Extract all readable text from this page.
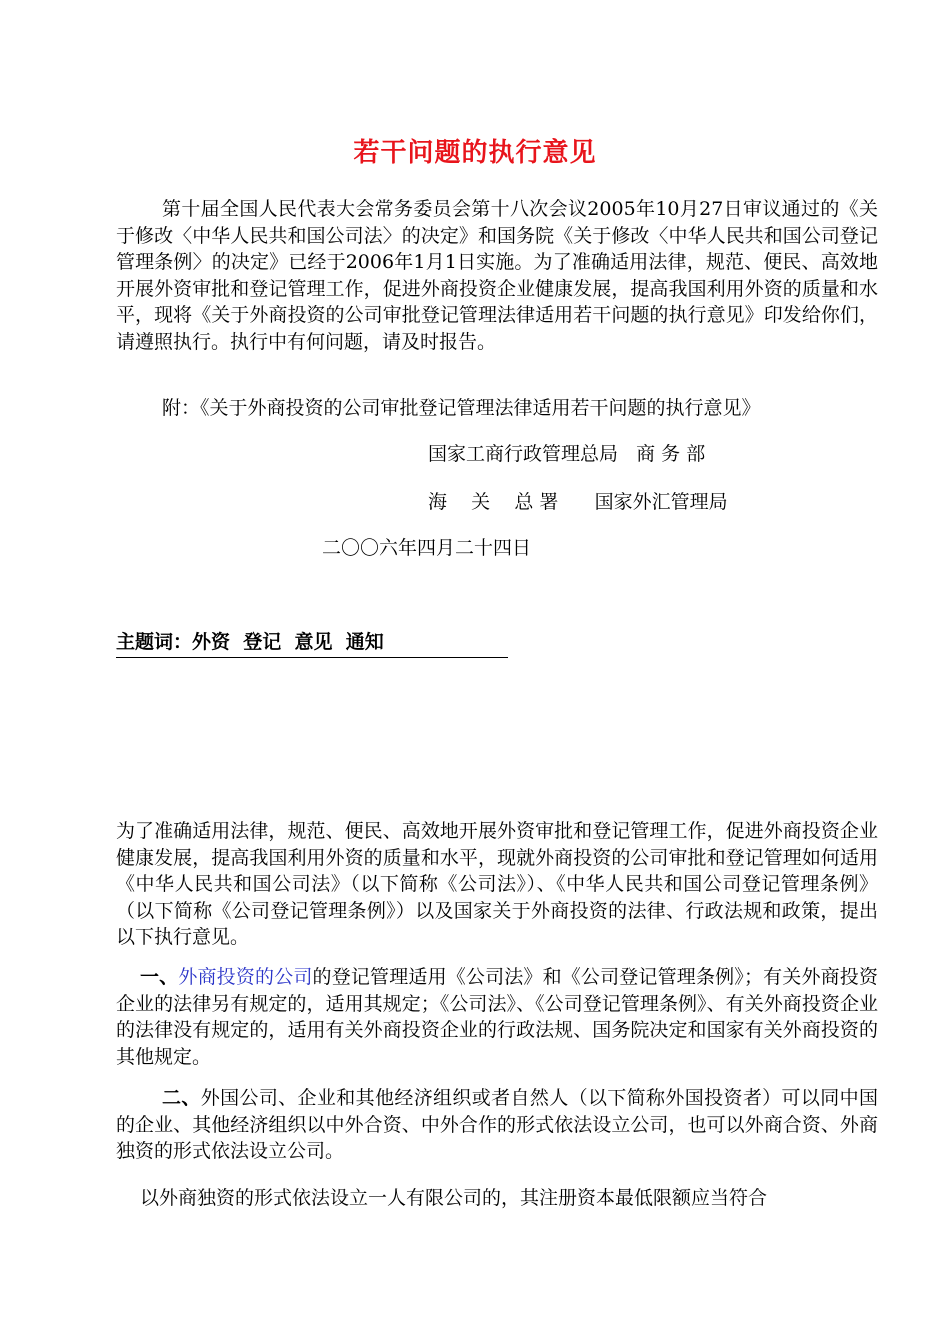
若干问题的执行意见
第十届全国人民代表大会常务委员会第十八次会议2005年10月27日审议通过的《关于修改〈中华人民共和国公司法〉的决定》和国务院《关于修改〈中华人民共和国公司登记管理条例〉的决定》已经于2006年1月1日实施。为了准确适用法律，规范、便民、高效地开展外资审批和登记管理工作，促进外商投资企业健康发展，提高我国利用外资的质量和水平，现将《关于外商投资的公司审批登记管理法律适用若干问题的执行意见》印发给你们，请遵照执行。执行中有何问题，请及时报告。
附：《关于外商投资的公司审批登记管理法律适用若干问题的执行意见》
国家工商行政管理总局   商 务 部
海    关    总 署      国家外汇管理局
二〇〇六年四月二十四日
主题词：外资  登记  意见  通知
为了准确适用法律，规范、便民、高效地开展外资审批和登记管理工作，促进外商投资企业健康发展，提高我国利用外资的质量和水平，现就外商投资的公司审批和登记管理如何适用《中华人民共和国公司法》（以下简称《公司法》）、《中华人民共和国公司登记管理条例》（以下简称《公司登记管理条例》）以及国家关于外商投资的法律、行政法规和政策，提出以下执行意见。
一、外商投资的公司的登记管理适用《公司法》和《公司登记管理条例》；有关外商投资企业的法律另有规定的，适用其规定；《公司法》、《公司登记管理条例》、有关外商投资企业的法律没有规定的，适用有关外商投资企业的行政法规、国务院决定和国家有关外商投资的其他规定。
二、外国公司、企业和其他经济组织或者自然人（以下简称外国投资者）可以同中国的企业、其他经济组织以中外合资、中外合作的形式依法设立公司，也可以外商合资、外商独资的形式依法设立公司。
以外商独资的形式依法设立一人有限公司的，其注册资本最低限额应当符合
